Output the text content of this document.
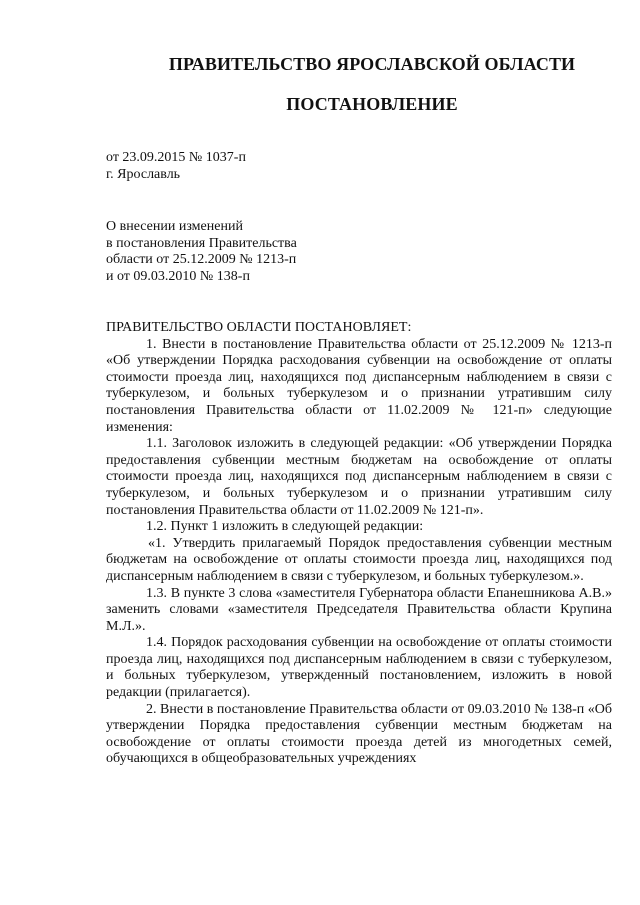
ПРАВИТЕЛЬСТВО ЯРОСЛАВСКОЙ ОБЛАСТИ
ПОСТАНОВЛЕНИЕ
от 23.09.2015 № 1037-п
г. Ярославль
О внесении изменений
в постановления Правительства
области от 25.12.2009 № 1213-п
и от 09.03.2010 № 138-п

ПРАВИТЕЛЬСТВО ОБЛАСТИ ПОСТАНОВЛЯЕТ:

1. Внести в постановление Правительства области от 25.12.2009 № 1213-п «Об утверждении Порядка расходования субвенции на освобождение от оплаты стоимости проезда лиц, находящихся под диспансерным наблюдением в связи с туберкулезом, и больных туберкулезом и о признании утратившим силу постановления Правительства области от 11.02.2009 № 121-п» следующие изменения:

1.1. Заголовок изложить в следующей редакции: «Об утверждении Порядка предоставления субвенции местным бюджетам на освобождение от оплаты стоимости проезда лиц, находящихся под диспансерным наблюдением в связи с туберкулезом, и больных туберкулезом и о признании утратившим силу постановления Правительства области от 11.02.2009 № 121-п».

1.2. Пункт 1 изложить в следующей редакции:

«1. Утвердить прилагаемый Порядок предоставления субвенции местным бюджетам на освобождение от оплаты стоимости проезда лиц, находящихся под диспансерным наблюдением в связи с туберкулезом, и больных туберкулезом.».

1.3. В пункте 3 слова «заместителя Губернатора области Епанешникова А.В.» заменить словами «заместителя Председателя Правительства области Крупина М.Л.».

1.4. Порядок расходования субвенции на освобождение от оплаты стоимости проезда лиц, находящихся под диспансерным наблюдением в связи с туберкулезом, и больных туберкулезом, утвержденный постановлением, изложить в новой редакции (прилагается).

2. Внести в постановление Правительства области от 09.03.2010 № 138-п «Об утверждении Порядка предоставления субвенции местным бюджетам на освобождение от оплаты стоимости проезда детей из многодетных семей, обучающихся в общеобразовательных учреждениях
